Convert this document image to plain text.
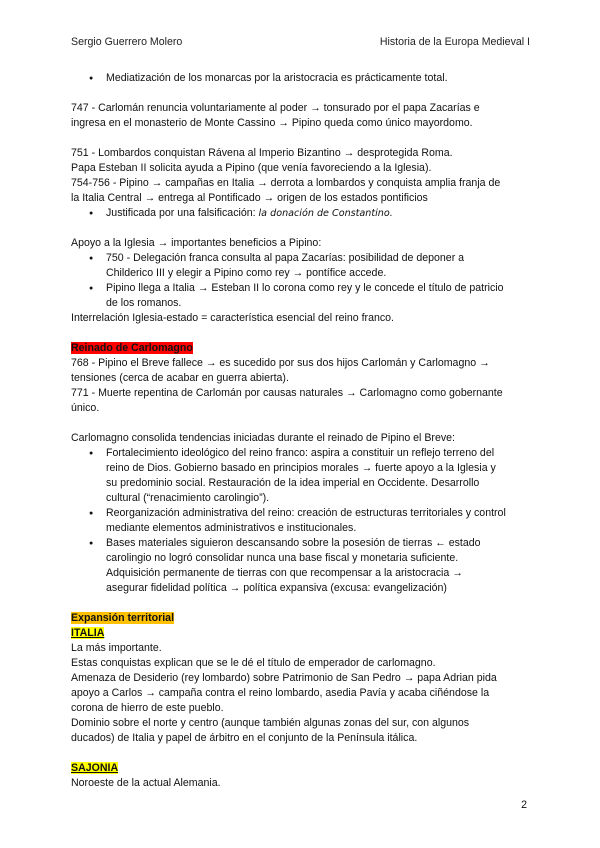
Sergio Guerrero Molero	Historia de la Europa Medieval I
● Mediatización de los monarcas por la aristocracia es prácticamente total.

747 - Carlomán renuncia voluntariamente al poder → tonsurado por el papa Zacarías e

ingresa en el monasterio de Monte Cassino → Pipino queda como único mayordomo.

751 - Lombardos conquistan Rávena al Imperio Bizantino → desprotegida Roma.

Papa Esteban II solicita ayuda a Pipino (que venía favoreciendo a la Iglesia).

754-756 - Pipino → campañas en Italia → derrota a lombardos y conquista amplia franja de

la Italia Central → entrega al Pontificado → origen de los estados pontificios

● Justificada por una falsificación: la donación de Constantino.

Apoyo a la Iglesia → importantes beneficios a Pipino:

● 750 - Delegación franca consulta al papa Zacarías: posibilidad de deponer a
Childerico III y elegir a Pipino como rey → pontífice accede.
● Pipino llega a Italia → Esteban II lo corona como rey y le concede el título de patricio
de los romanos.

Interrelación Iglesia-estado = característica esencial del reino franco.

Reinado de Carlomagno

768 - Pipino el Breve fallece → es sucedido por sus dos hijos Carlomán y Carlomagno →

tensiones (cerca de acabar en guerra abierta).

771 - Muerte repentina de Carlomán por causas naturales → Carlomagno como gobernante

único.

Carlomagno consolida tendencias iniciadas durante el reinado de Pipino el Breve:

● Fortalecimiento ideológico del reino franco: aspira a constituir un reflejo terreno del
reino de Dios. Gobierno basado en principios morales → fuerte apoyo a la Iglesia y
su predominio social. Restauración de la idea imperial en Occidente. Desarrollo
cultural (“renacimiento carolingio”).
● Reorganización administrativa del reino: creación de estructuras territoriales y control
mediante elementos administrativos e institucionales.
● Bases materiales siguieron descansando sobre la posesión de tierras ← estado
carolingio no logró consolidar nunca una base fiscal y monetaria suficiente.
Adquisición permanente de tierras con que recompensar a la aristocracia →
asegurar fidelidad política → política expansiva (excusa: evangelización)

Expansión territorial

ITALIA

La más importante.

Estas conquistas explican que se le dé el título de emperador de carlomagno.

Amenaza de Desiderio (rey lombardo) sobre Patrimonio de San Pedro → papa Adrian pida

apoyo a Carlos → campaña contra el reino lombardo, asedia Pavía y acaba ciñéndose la

corona de hierro de este pueblo.

Dominio sobre el norte y centro (aunque también algunas zonas del sur, con algunos

ducados) de Italia y papel de árbitro en el conjunto de la Península itálica.

SAJONIA

Noroeste de la actual Alemania.

2
